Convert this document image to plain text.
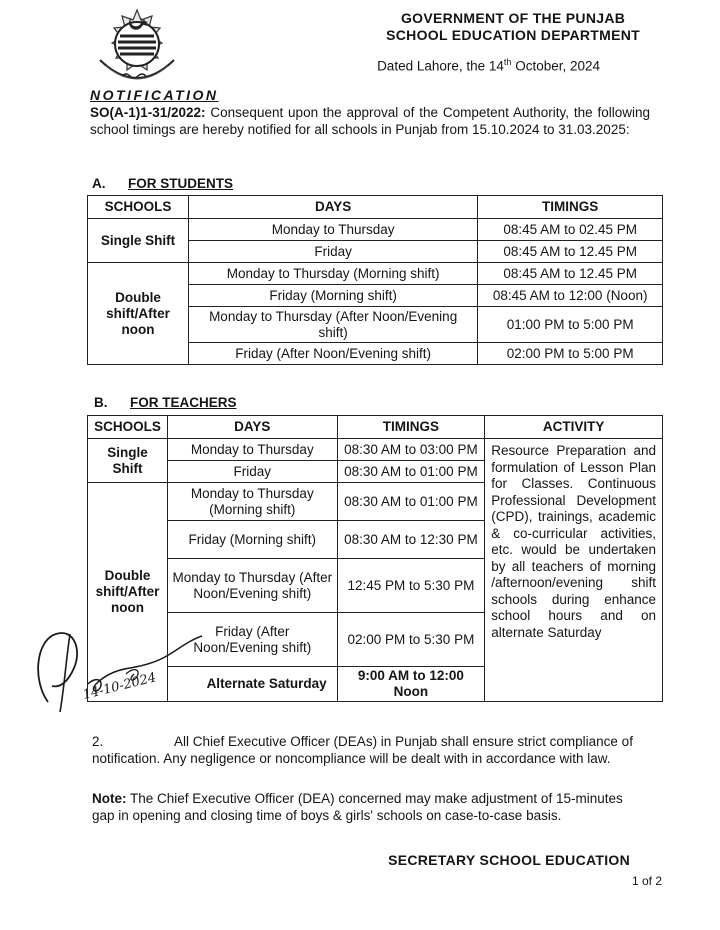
GOVERNMENT OF THE PUNJAB
SCHOOL EDUCATION DEPARTMENT
Dated Lahore, the 14th October, 2024
NOTIFICATION
SO(A-1)1-31/2022: Consequent upon the approval of the Competent Authority, the following school timings are hereby notified for all schools in Punjab from 15.10.2024 to 31.03.2025:
A. FOR STUDENTS
SCHOOLS	DAYS	TIMINGS
Single Shift	Monday to Thursday	08:45 AM to 02.45 PM
	Friday	08:45 AM to 12.45 PM
Double shift/After noon	Monday to Thursday (Morning shift)	08:45 AM to 12.45 PM
	Friday (Morning shift)	08:45 AM to 12:00 (Noon)
	Monday to Thursday (After Noon/Evening shift)	01:00 PM to 5:00 PM
	Friday (After Noon/Evening shift)	02:00 PM to 5:00 PM
B. FOR TEACHERS
SCHOOLS	DAYS	TIMINGS	ACTIVITY
Single Shift	Monday to Thursday	08:30 AM to 03:00 PM	Resource Preparation and formulation of Lesson Plan for Classes. Continuous Professional Development (CPD), trainings, academic & co-curricular activities, etc. would be undertaken by all teachers of morning /afternoon/evening shift schools during enhance school hours and on alternate Saturday
	Friday	08:30 AM to 01:00 PM	
Double shift/After noon	Monday to Thursday (Morning shift)	08:30 AM to 01:00 PM	
	Friday (Morning shift)	08:30 AM to 12:30 PM	
	Monday to Thursday (After Noon/Evening shift)	12:45 PM to 5:30 PM	
	Friday (After Noon/Evening shift)	02:00 PM to 5:30 PM	
	Alternate Saturday	9:00 AM to 12:00 Noon	
14-10-2024
2.	All Chief Executive Officer (DEAs) in Punjab shall ensure strict compliance of notification. Any negligence or noncompliance will be dealt with in accordance with law.
Note: The Chief Executive Officer (DEA) concerned may make adjustment of 15-minutes gap in opening and closing time of boys & girls' schools on case-to-case basis.
SECRETARY SCHOOL EDUCATION
1 of 2
